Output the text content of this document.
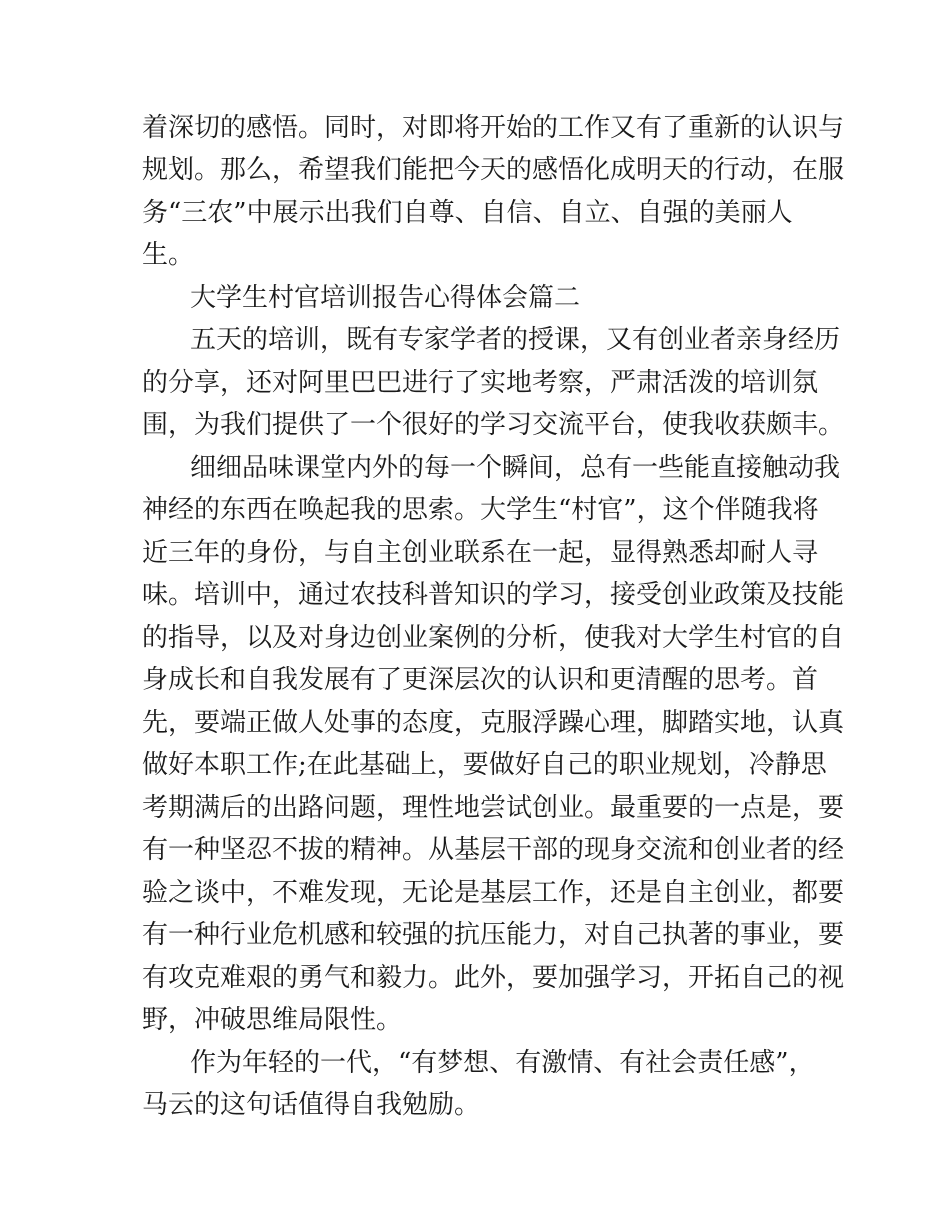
着深切的感悟。同时，对即将开始的工作又有了重新的认识与

规划。那么，希望我们能把今天的感悟化成明天的行动，在服

务“三农”中展示出我们自尊、自信、自立、自强的美丽人

生。

大学生村官培训报告心得体会篇二

五天的培训，既有专家学者的授课，又有创业者亲身经历

的分享，还对阿里巴巴进行了实地考察，严肃活泼的培训氛

围，为我们提供了一个很好的学习交流平台，使我收获颇丰。

细细品味课堂内外的每一个瞬间，总有一些能直接触动我

神经的东西在唤起我的思索。大学生“村官”，这个伴随我将

近三年的身份，与自主创业联系在一起，显得熟悉却耐人寻

味。培训中，通过农技科普知识的学习，接受创业政策及技能

的指导，以及对身边创业案例的分析，使我对大学生村官的自

身成长和自我发展有了更深层次的认识和更清醒的思考。首

先，要端正做人处事的态度，克服浮躁心理，脚踏实地，认真

做好本职工作;在此基础上，要做好自己的职业规划，冷静思

考期满后的出路问题，理性地尝试创业。最重要的一点是，要

有一种坚忍不拔的精神。从基层干部的现身交流和创业者的经

验之谈中，不难发现，无论是基层工作，还是自主创业，都要

有一种行业危机感和较强的抗压能力，对自己执著的事业，要

有攻克难艰的勇气和毅力。此外，要加强学习，开拓自己的视

野，冲破思维局限性。

作为年轻的一代，“有梦想、有激情、有社会责任感”，

马云的这句话值得自我勉励。
